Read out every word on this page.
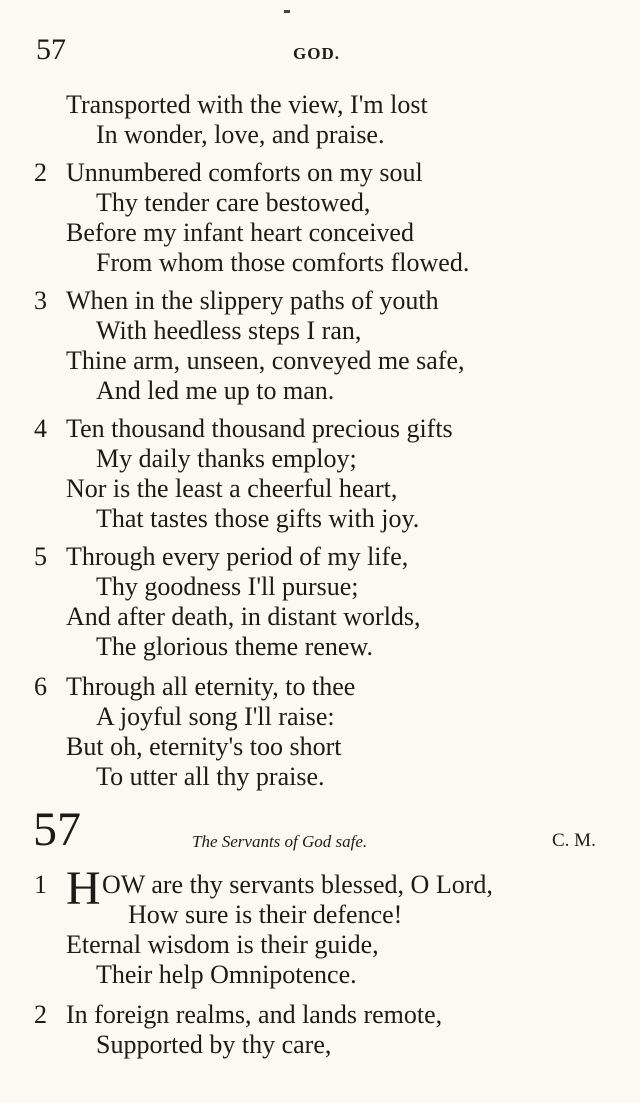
57	GOD.
Transported with the view, I'm lost
In wonder, love, and praise.
2 Unnumbered comforts on my soul
Thy tender care bestowed,
Before my infant heart conceived
From whom those comforts flowed.
3 When in the slippery paths of youth
With heedless steps I ran,
Thine arm, unseen, conveyed me safe,
And led me up to man.
4 Ten thousand thousand precious gifts
My daily thanks employ;
Nor is the least a cheerful heart,
That tastes those gifts with joy.
5 Through every period of my life,
Thy goodness I'll pursue;
And after death, in distant worlds,
The glorious theme renew.
6 Through all eternity, to thee
A joyful song I'll raise:
But oh, eternity's too short
To utter all thy praise.
57	The Servants of God safe.	C. M.
1 H OW are thy servants blessed, O Lord,
How sure is their defence!
Eternal wisdom is their guide,
Their help Omnipotence.
2 In foreign realms, and lands remote,
Supported by thy care,
